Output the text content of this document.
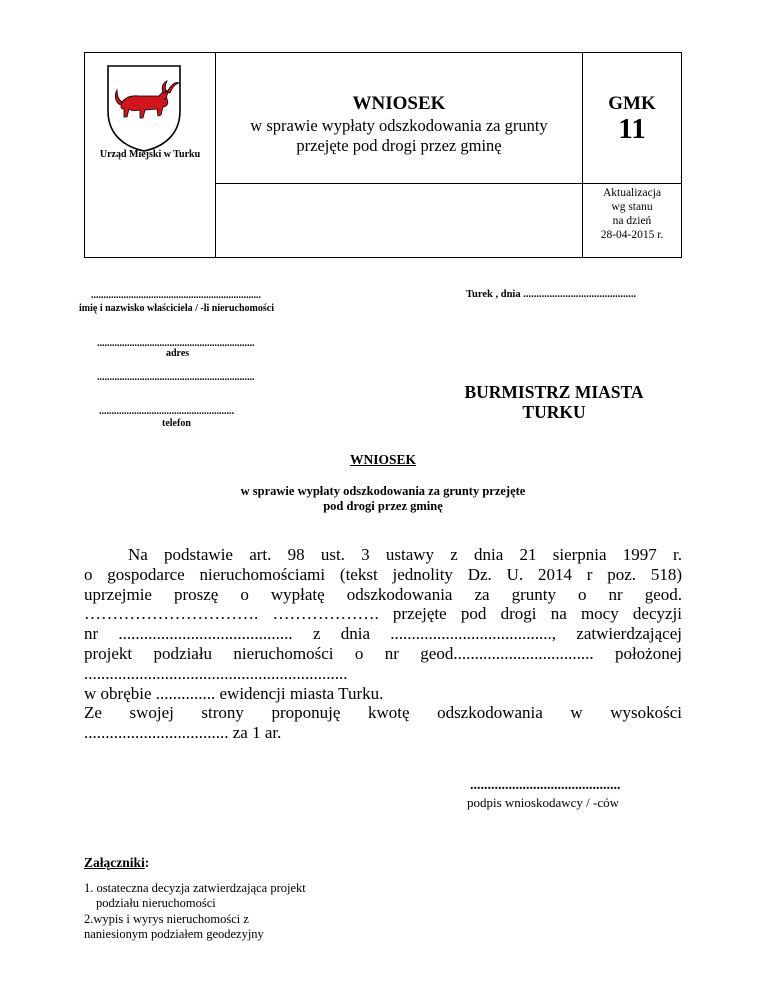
Urząd Miejski w Turku
WNIOSEK
w sprawie wypłaty odszkodowania za grunty
przejęte pod drogi przez gminę
GMK
11
Aktualizacja
wg stanu
na dzień
28-04-2015 r.
....................................................................
imię i nazwisko właściciela / -li nieruchomości
...............................................................
adres
...............................................................
......................................................
telefon
Turek , dnia ...........................................
BURMISTRZ MIASTA
TURKU
WNIOSEK
w sprawie wypłaty odszkodowania za grunty przejęte
pod drogi przez gminę

Na podstawie art. 98 ust. 3 ustawy z dnia 21 sierpnia 1997 r.

o gospodarce nieruchomościami (tekst jednolity Dz. U. 2014 r poz. 518)

uprzejmie proszę o wypłatę odszkodowania za grunty o nr geod.

…………………………. ………………. przejęte pod drogi na mocy decyzji

nr ......................................... z dnia ......................................, zatwierdzającej

projekt podziału nieruchomości o nr geod................................. położonej

..............................................................

w obrębie .............. ewidencji miasta Turku.

Ze swojej strony proponuję kwotę odszkodowania w wysokości

.................................. za 1 ar.

...........................................
podpis wnioskodawcy / -ców
Załączniki:
1. ostateczna decyzja zatwierdzająca projekt
podziału nieruchomości
2.wypis i wyrys nieruchomości z
naniesionym podziałem geodezyjny
